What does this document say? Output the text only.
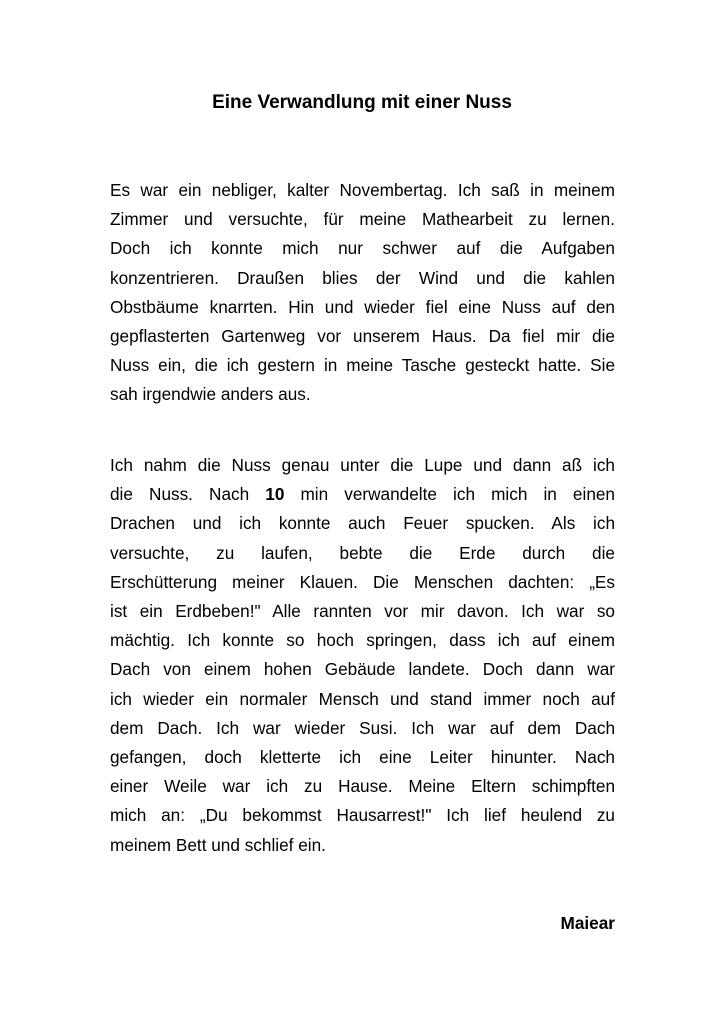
Eine Verwandlung mit einer Nuss
Es war ein nebliger, kalter Novembertag. Ich saß in meinem
Zimmer und versuchte, für meine Mathearbeit zu lernen.
Doch ich konnte mich nur schwer auf die Aufgaben
konzentrieren. Draußen blies der Wind und die kahlen
Obstbäume knarrten. Hin und wieder fiel eine Nuss auf den
gepflasterten Gartenweg vor unserem Haus. Da fiel mir die
Nuss ein, die ich gestern in meine Tasche gesteckt hatte. Sie
sah irgendwie anders aus.
Ich nahm die Nuss genau unter die Lupe und dann aß ich
die Nuss. Nach 10 min verwandelte ich mich in einen
Drachen und ich konnte auch Feuer spucken. Als ich
versuchte, zu laufen, bebte die Erde durch die
Erschütterung meiner Klauen. Die Menschen dachten: „Es
ist ein Erdbeben!" Alle rannten vor mir davon. Ich war so
mächtig. Ich konnte so hoch springen, dass ich auf einem
Dach von einem hohen Gebäude landete. Doch dann war
ich wieder ein normaler Mensch und stand immer noch auf
dem Dach. Ich war wieder Susi. Ich war auf dem Dach
gefangen, doch kletterte ich eine Leiter hinunter. Nach
einer Weile war ich zu Hause. Meine Eltern schimpften
mich an: „Du bekommst Hausarrest!" Ich lief heulend zu
meinem Bett und schlief ein.

Maiear
